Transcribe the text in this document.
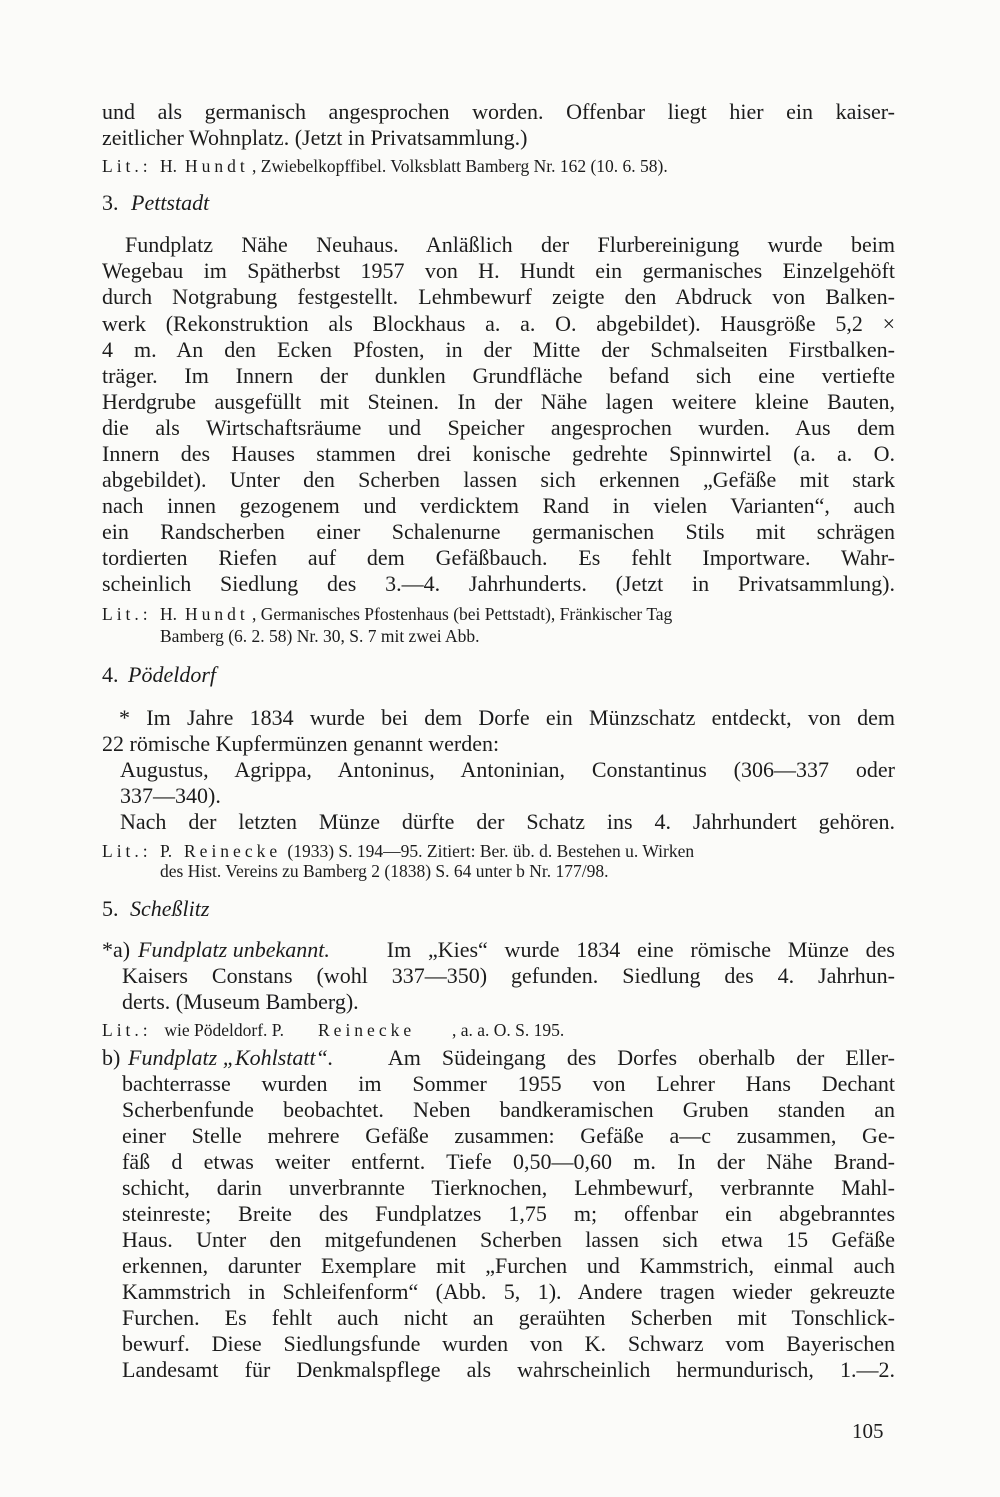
und als germanisch angesprochen worden. Offenbar liegt hier ein kaiser-
zeitlicher Wohnplatz. (Jetzt in Privatsammlung.)

Lit.:

H.

Hundt

, Zwiebelkopffibel. Volksblatt Bamberg Nr. 162 (10. 6. 58).

3.

Pettstadt

Fundplatz Nähe Neuhaus. Anläßlich der Flurbereinigung wurde beim
Wegebau im Spätherbst 1957 von H. Hundt ein germanisches Einzelgehöft
durch Notgrabung festgestellt. Lehmbewurf zeigte den Abdruck von Balken-
werk (Rekonstruktion als Blockhaus a. a. O. abgebildet). Hausgröße 5,2 ×
4 m. An den Ecken Pfosten, in der Mitte der Schmalseiten Firstbalken-
träger. Im Innern der dunklen Grundfläche befand sich eine vertiefte
Herdgrube ausgefüllt mit Steinen. In der Nähe lagen weitere kleine Bauten,
die als Wirtschaftsräume und Speicher angesprochen wurden. Aus dem
Innern des Hauses stammen drei konische gedrehte Spinnwirtel (a. a. O.
abgebildet). Unter den Scherben lassen sich erkennen „Gefäße mit stark
nach innen gezogenem und verdicktem Rand in vielen Varianten“, auch
ein Randscherben einer Schalenurne germanischen Stils mit schrägen
tordierten Riefen auf dem Gefäßbauch. Es fehlt Importware. Wahr-
scheinlich Siedlung des 3.—4. Jahrhunderts. (Jetzt in Privatsammlung).

Lit.:

H.

Hundt

, Germanisches Pfostenhaus (bei Pettstadt), Fränkischer Tag

Bamberg (6. 2. 58) Nr. 30, S. 7 mit zwei Abb.

4.

Pödeldorf

* Im Jahre 1834 wurde bei dem Dorfe ein Münzschatz entdeckt, von dem
22 römische Kupfermünzen genannt werden:
Augustus, Agrippa, Antoninus, Antoninian, Constantinus (306—337 oder
337—340).
Nach der letzten Münze dürfte der Schatz ins 4. Jahrhundert gehören.

Lit.:

P.

Reinecke

(1933) S. 194—95. Zitiert: Ber. üb. d. Bestehen u. Wirken

des Hist. Vereins zu Bamberg 2 (1838) S. 64 unter b Nr. 177/98.

5.

Scheßlitz

*a)

Fundplatz unbekannt.

Im „Kies“ wurde 1834 eine römische Münze des

Kaisers Constans (wohl 337—350) gefunden. Siedlung des 4. Jahrhun-
derts. (Museum Bamberg).

Lit.:

wie Pödeldorf. P.

Reinecke

, a. a. O. S. 195.

b)

Fundplatz „Kohlstatt“.

Am Südeingang des Dorfes oberhalb der Eller-

bachterrasse wurden im Sommer 1955 von Lehrer Hans Dechant
Scherbenfunde beobachtet. Neben bandkeramischen Gruben standen an
einer Stelle mehrere Gefäße zusammen: Gefäße a—c zusammen, Ge-
fäß d etwas weiter entfernt. Tiefe 0,50—0,60 m. In der Nähe Brand-
schicht, darin unverbrannte Tierknochen, Lehmbewurf, verbrannte Mahl-
steinreste; Breite des Fundplatzes 1,75 m; offenbar ein abgebranntes
Haus. Unter den mitgefundenen Scherben lassen sich etwa 15 Gefäße
erkennen, darunter Exemplare mit „Furchen und Kammstrich, einmal auch
Kammstrich in Schleifenform“ (Abb. 5, 1). Andere tragen wieder gekreuzte
Furchen. Es fehlt auch nicht an geraühten Scherben mit Tonschlick-
bewurf. Diese Siedlungsfunde wurden von K. Schwarz vom Bayerischen
Landesamt für Denkmalspflege als wahrscheinlich hermundurisch, 1.—2.
105
